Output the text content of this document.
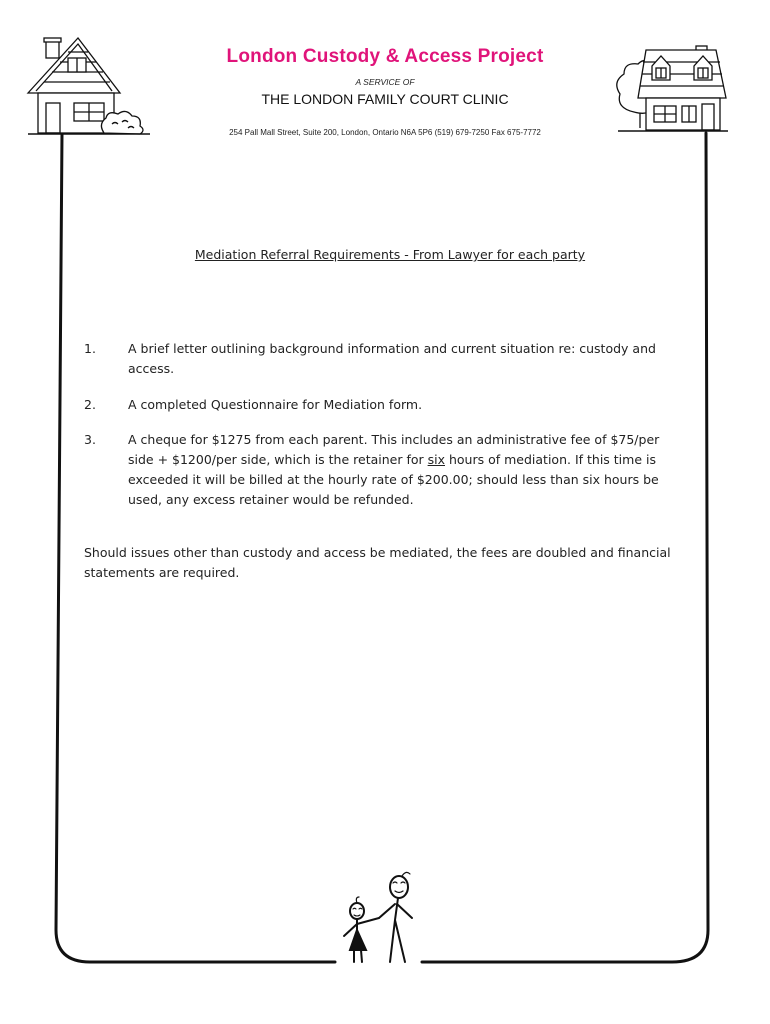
London Custody & Access Project
A SERVICE OF
THE LONDON FAMILY COURT CLINIC
254 Pall Mall Street, Suite 200, London, Ontario N6A 5P6 (519) 679-7250 Fax 675-7772
Mediation Referral Requirements - From Lawyer for each party
1.	A brief letter outlining background information and current situation re: custody and access.
2.	A completed Questionnaire for Mediation form.
3.	A cheque for $1275 from each parent. This includes an administrative fee of $75/per side + $1200/per side, which is the retainer for six hours of mediation. If this time is exceeded it will be billed at the hourly rate of $200.00; should less than six hours be used, any excess retainer would be refunded.
Should issues other than custody and access be mediated, the fees are doubled and financial statements are required.
